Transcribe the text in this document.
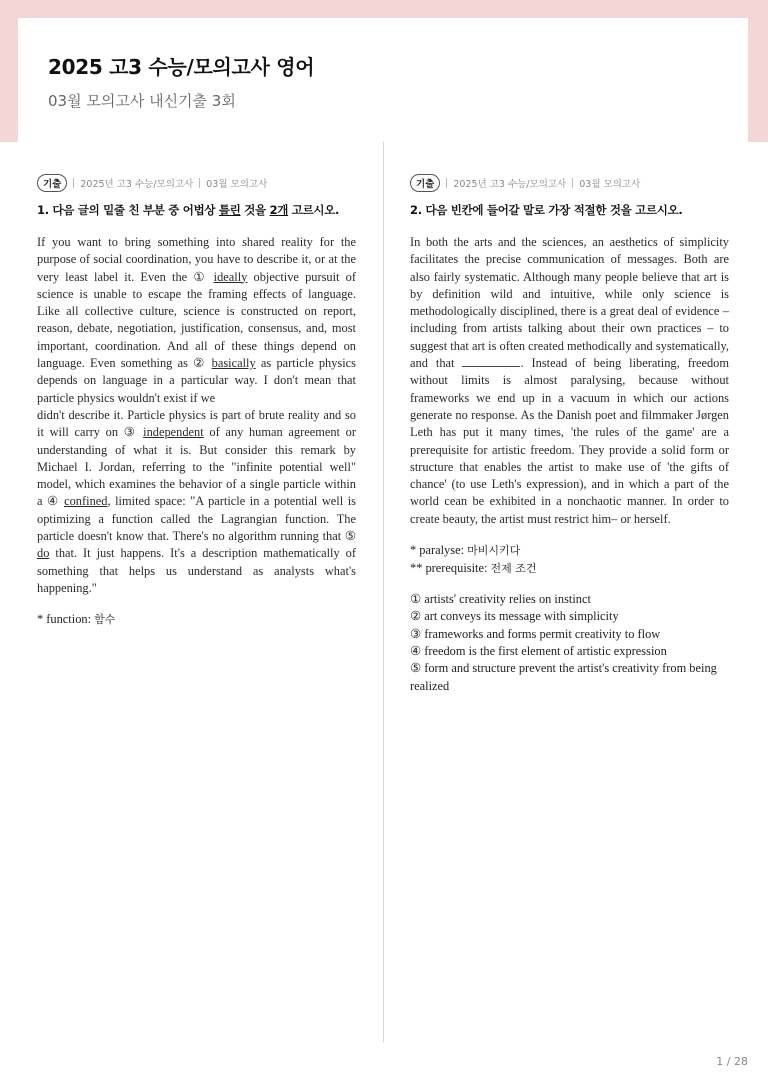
2025 고3 수능/모의고사 영어
03월 모의고사 내신기출 3회
기출	2025년 고3 수능/모의고사 03월 모의고사

1. 다음 글의 밑줄 친 부분 중 어법상 틀린 것을 2개 고르시오.

If you want to bring something into shared reality for the purpose of social coordination, you have to describe it, or at the very least label it. Even the ① ideally objective pursuit of science is unable to escape the framing effects of language. Like all collective culture, science is constructed on report, reason, debate, negotiation, justification, consensus, and, most important, coordination. And all of these things depend on language. Even something as ② basically as particle physics depends on language in a particular way. I don't mean that particle physics wouldn't exist if we
didn't describe it. Particle physics is part of brute reality and so it will carry on ③ independent of any human agreement or understanding of what it is. But consider this remark by Michael I. Jordan, referring to the "infinite potential well" model, which examines the behavior of a single particle within a ④ confined, limited space: "A particle in a potential well is optimizing a function called the Lagrangian function. The particle doesn't know that. There's no algorithm running that ⑤ do that. It just happens. It's a description mathematically of something that helps us understand as analysts what's happening."
* function: 함수
기출	2025년 고3 수능/모의고사 03월 모의고사

2. 다음 빈칸에 들어갈 말로 가장 적절한 것을 고르시오.

In both the arts and the sciences, an aesthetics of simplicity facilitates the precise communication of messages. Both are also fairly systematic. Although many people believe that art is by definition wild and intuitive, while only science is methodologically disciplined, there is a great deal of evidence – including from artists talking about their own practices – to suggest that art is often created methodically and systematically, and that	. Instead of being liberating, freedom without limits is almost paralysing, because without frameworks we end up in a vacuum in which our actions generate no response. As the Danish poet and filmmaker Jørgen Leth has put it many times, 'the rules of the game' are a prerequisite for artistic freedom. They provide a solid form or structure that enables the artist to make use of 'the gifts of chance' (to use Leth's expression), and in which a part of the world cean be exhibited in a nonchaotic manner. In order to create beauty, the artist must restrict him– or herself.
* paralyse: 마비시키다
** prerequisite: 전제 조건
① artists' creativity relies on instinct
② art conveys its message with simplicity
③ frameworks and forms permit creativity to flow
④ freedom is the first element of artistic expression
⑤ form and structure prevent the artist's creativity from being realized
1 / 28
